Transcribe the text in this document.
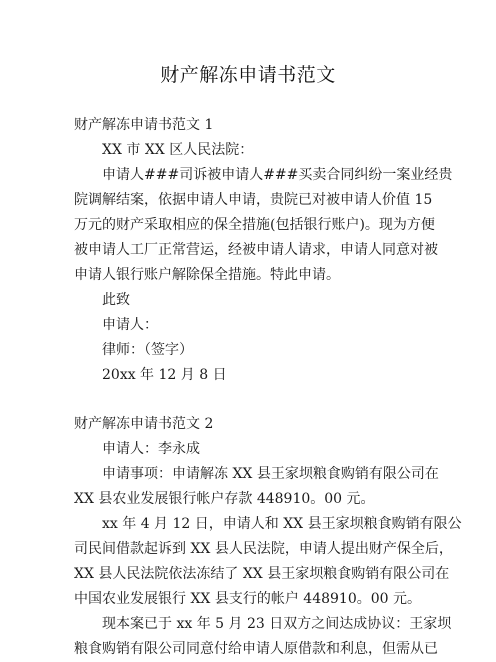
财产解冻申请书范文
财产解冻申请书范文 1
XX 市 XX 区人民法院：
申请人###司诉被申请人###买卖合同纠纷一案业经贵
院调解结案，依据申请人申请，贵院已对被申请人价值 15
万元的财产采取相应的保全措施(包括银行账户)。现为方便
被申请人工厂正常营运，经被申请人请求，申请人同意对被
申请人银行账户解除保全措施。特此申请。
此致
申请人：
律师：（签字）
20xx 年 12 月 8 日
财产解冻申请书范文 2
申请人：李永成
申请事项：申请解冻 XX 县王家坝粮食购销有限公司在
XX 县农业发展银行帐户存款 448910。00 元。
xx 年 4 月 12 日，申请人和 XX 县王家坝粮食购销有限公
司民间借款起诉到 XX 县人民法院，申请人提出财产保全后，
XX 县人民法院依法冻结了 XX 县王家坝粮食购销有限公司在
中国农业发展银行 XX 县支行的帐户 448910。00 元。
现本案已于 xx 年 5 月 23 日双方之间达成协议：王家坝
粮食购销有限公司同意付给申请人原借款和利息，但需从已
